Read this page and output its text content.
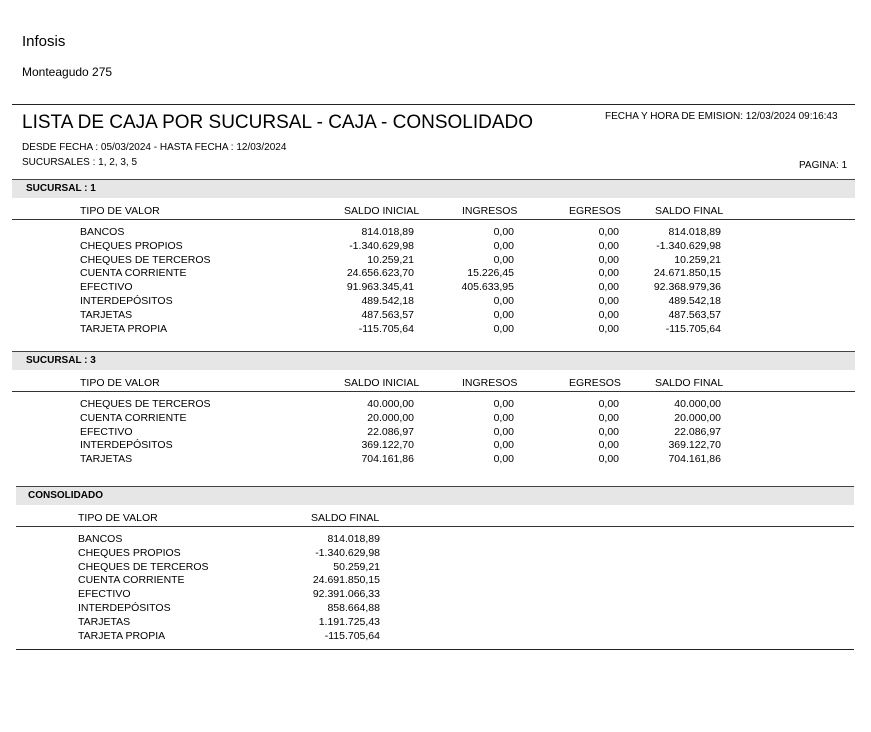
Infosis
Monteagudo 275
LISTA DE CAJA POR SUCURSAL - CAJA - CONSOLIDADO	FECHA Y HORA DE EMISION: 12/03/2024 09:16:43
DESDE FECHA : 05/03/2024 - HASTA FECHA : 12/03/2024
SUCURSALES : 1, 2, 3, 5	PAGINA: 1
SUCURSAL : 1
TIPO DE VALOR	SALDO INICIAL	INGRESOS	EGRESOS	SALDO FINAL
BANCOS	814.018,89	0,00	0,00	814.018,89
CHEQUES PROPIOS	-1.340.629,98	0,00	0,00	-1.340.629,98
CHEQUES DE TERCEROS	10.259,21	0,00	0,00	10.259,21
CUENTA CORRIENTE	24.656.623,70	15.226,45	0,00	24.671.850,15
EFECTIVO	91.963.345,41	405.633,95	0,00	92.368.979,36
INTERDEPÓSITOS	489.542,18	0,00	0,00	489.542,18
TARJETAS	487.563,57	0,00	0,00	487.563,57
TARJETA PROPIA	-115.705,64	0,00	0,00	-115.705,64
SUCURSAL : 3
TIPO DE VALOR	SALDO INICIAL	INGRESOS	EGRESOS	SALDO FINAL
CHEQUES DE TERCEROS	40.000,00	0,00	0,00	40.000,00
CUENTA CORRIENTE	20.000,00	0,00	0,00	20.000,00
EFECTIVO	22.086,97	0,00	0,00	22.086,97
INTERDEPÓSITOS	369.122,70	0,00	0,00	369.122,70
TARJETAS	704.161,86	0,00	0,00	704.161,86
CONSOLIDADO
TIPO DE VALOR	SALDO FINAL
BANCOS	814.018,89
CHEQUES PROPIOS	-1.340.629,98
CHEQUES DE TERCEROS	50.259,21
CUENTA CORRIENTE	24.691.850,15
EFECTIVO	92.391.066,33
INTERDEPÓSITOS	858.664,88
TARJETAS	1.191.725,43
TARJETA PROPIA	-115.705,64
